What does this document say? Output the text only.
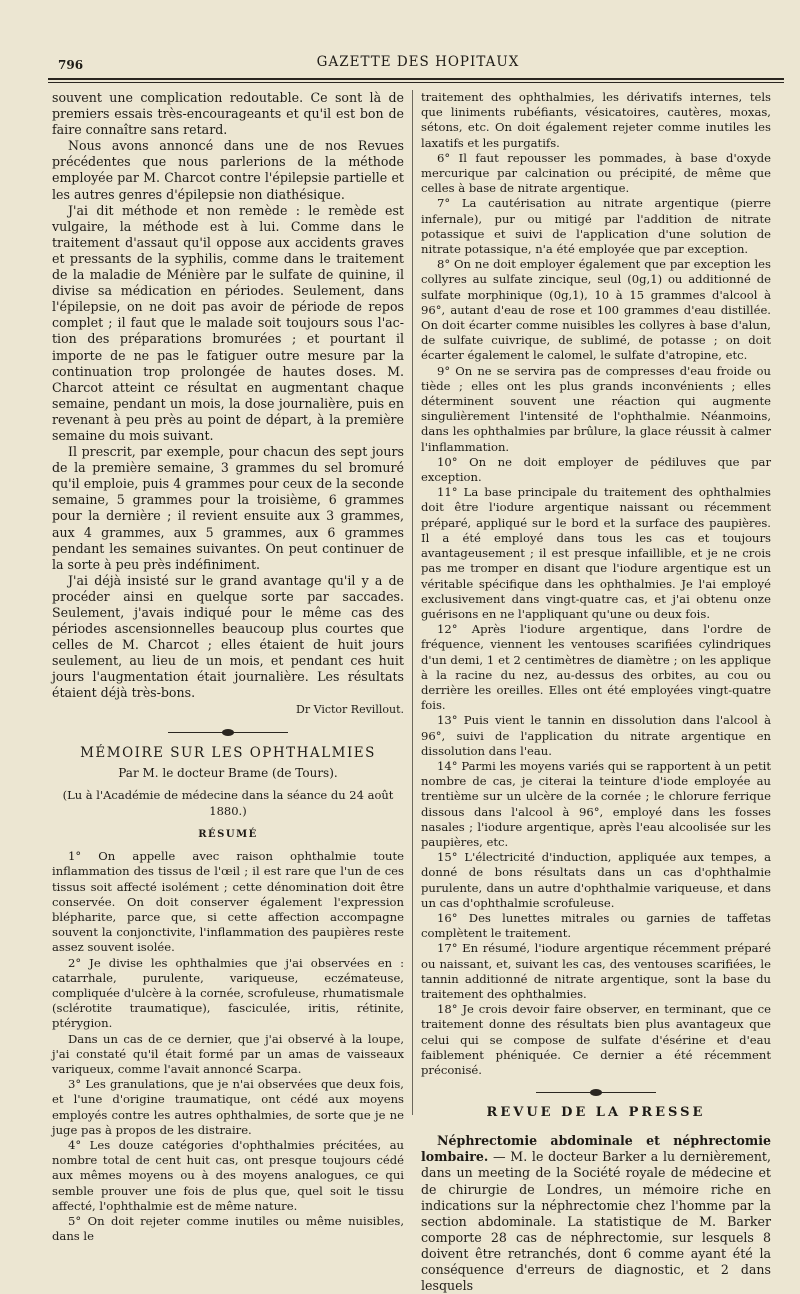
796	GAZETTE DES HOPITAUX

souvent une complication redoutable. Ce sont là de premiers essais très-encourageants et qu'il est bon de faire connaître sans retard.

Nous avons annoncé dans une de nos Revues précédentes que nous parlerions de la méthode employée par M. Charcot contre l'épilepsie partielle et les autres genres d'épilepsie non diathésique.

J'ai dit méthode et non remède : le remède est vulgaire, la méthode est à lui. Comme dans le traitement d'assaut qu'il oppose aux accidents graves et pressants de la syphilis, comme dans le traitement de la maladie de Ménière par le sulfate de quinine, il divise sa médication en périodes. Seulement, dans l'épilepsie, on ne doit pas avoir de période de repos complet ; il faut que le malade soit toujours sous l'action des préparations bromurées ; et pourtant il importe de ne pas le fatiguer outre mesure par la continuation trop prolongée de hautes doses. M. Charcot atteint ce résultat en augmentant chaque semaine, pendant un mois, la dose journalière, puis en revenant à peu près au point de départ, à la première semaine du mois suivant.

Il prescrit, par exemple, pour chacun des sept jours de la première semaine, 3 grammes du sel bromuré qu'il emploie, puis 4 grammes pour ceux de la seconde semaine, 5 grammes pour la troisième, 6 grammes pour la dernière ; il revient ensuite aux 3 grammes, aux 4 grammes, aux 5 grammes, aux 6 grammes pendant les semaines suivantes. On peut continuer de la sorte à peu près indéfiniment.

J'ai déjà insisté sur le grand avantage qu'il y a de procéder ainsi en quelque sorte par saccades. Seulement, j'avais indiqué pour le même cas des périodes ascensionnelles beaucoup plus courtes que celles de M. Charcot ; elles étaient de huit jours seulement, au lieu de un mois, et pendant ces huit jours l'augmentation était journalière. Les résultats étaient déjà très-bons.

Dr Victor Revillout.
MÉMOIRE SUR LES OPHTHALMIES
Par M. le docteur Brame (de Tours).
(Lu à l'Académie de médecine dans la séance du 24 août 1880.)
RÉSUMÉ

1° On appelle avec raison ophthalmie toute inflammation des tissus de l'œil ; il est rare que l'un de ces tissus soit affecté isolément ; cette dénomination doit être conservée. On doit conserver également l'expression blépharite, parce que, si cette affection accompagne souvent la conjonctivite, l'inflammation des paupières reste assez souvent isolée.

2° Je divise les ophthalmies que j'ai observées en : catarrhale, purulente, variqueuse, eczémateuse, compliquée d'ulcère à la cornée, scrofuleuse, rhumatismale (sclérotite traumatique), fasciculée, iritis, rétinite, ptérygion.

Dans un cas de ce dernier, que j'ai observé à la loupe, j'ai constaté qu'il était formé par un amas de vaisseaux variqueux, comme l'avait annoncé Scarpa.

3° Les granulations, que je n'ai observées que deux fois, et l'une d'origine traumatique, ont cédé aux moyens employés contre les autres ophthalmies, de sorte que je ne juge pas à propos de les distraire.

4° Les douze catégories d'ophthalmies précitées, au nombre total de cent huit cas, ont presque toujours cédé aux mêmes moyens ou à des moyens analogues, ce qui semble prouver une fois de plus que, quel soit le tissu affecté, l'ophthalmie est de même nature.

5° On doit rejeter comme inutiles ou même nuisibles, dans le

traitement des ophthalmies, les dérivatifs internes, tels que liniments rubéfiants, vésicatoires, cautères, moxas, sétons, etc. On doit également rejeter comme inutiles les laxatifs et les purgatifs.

6° Il faut repousser les pommades, à base d'oxyde mercurique par calcination ou précipité, de même que celles à base de nitrate argentique.

7° La cautérisation au nitrate argentique (pierre infernale), pur ou mitigé par l'addition de nitrate potassique et suivi de l'application d'une solution de nitrate potassique, n'a été employée que par exception.

8° On ne doit employer également que par exception les collyres au sulfate zincique, seul (0g,1) ou additionné de sulfate morphinique (0g,1), 10 à 15 grammes d'alcool à 96°, autant d'eau de rose et 100 grammes d'eau distillée. On doit écarter comme nuisibles les collyres à base d'alun, de sulfate cuivrique, de sublimé, de potasse ; on doit écarter également le calomel, le sulfate d'atropine, etc.

9° On ne se servira pas de compresses d'eau froide ou tiède ; elles ont les plus grands inconvénients ; elles déterminent souvent une réaction qui augmente singulièrement l'intensité de l'ophthalmie. Néanmoins, dans les ophthalmies par brûlure, la glace réussit à calmer l'inflammation.

10° On ne doit employer de pédiluves que par exception.

11° La base principale du traitement des ophthalmies doit être l'iodure argentique naissant ou récemment préparé, appliqué sur le bord et la surface des paupières. Il a été employé dans tous les cas et toujours avantageusement ; il est presque infaillible, et je ne crois pas me tromper en disant que l'iodure argentique est un véritable spécifique dans les ophthalmies. Je l'ai employé exclusivement dans vingt-quatre cas, et j'ai obtenu onze guérisons en ne l'appliquant qu'une ou deux fois.

12° Après l'iodure argentique, dans l'ordre de fréquence, viennent les ventouses scarifiées cylindriques d'un demi, 1 et 2 centimètres de diamètre ; on les applique à la racine du nez, au-dessus des orbites, au cou ou derrière les oreilles. Elles ont été employées vingt-quatre fois.

13° Puis vient le tannin en dissolution dans l'alcool à 96°, suivi de l'application du nitrate argentique en dissolution dans l'eau.

14° Parmi les moyens variés qui se rapportent à un petit nombre de cas, je citerai la teinture d'iode employée au trentième sur un ulcère de la cornée ; le chlorure ferrique dissous dans l'alcool à 96°, employé dans les fosses nasales ; l'iodure argentique, après l'eau alcoolisée sur les paupières, etc.

15° L'électricité d'induction, appliquée aux tempes, a donné de bons résultats dans un cas d'ophthalmie purulente, dans un autre d'ophthalmie variqueuse, et dans un cas d'ophthalmie scrofuleuse.

16° Des lunettes mitrales ou garnies de taffetas complètent le traitement.

17° En résumé, l'iodure argentique récemment préparé ou naissant, et, suivant les cas, des ventouses scarifiées, le tannin additionné de nitrate argentique, sont la base du traitement des ophthalmies.

18° Je crois devoir faire observer, en terminant, que ce traitement donne des résultats bien plus avantageux que celui qui se compose de sulfate d'ésérine et d'eau faiblement phéniquée. Ce dernier a été récemment préconisé.

REVUE DE LA PRESSE

Néphrectomie abdominale et néphrectomie lombaire. — M. le docteur Barker a lu dernièrement, dans un meeting de la Société royale de médecine et de chirurgie de Londres, un mémoire riche en indications sur la néphrectomie chez l'homme par la section abdominale. La statistique de M. Barker comporte 28 cas de néphrectomie, sur lesquels 8 doivent être retranchés, dont 6 comme ayant été la conséquence d'erreurs de diagnostic, et 2 dans lesquels
